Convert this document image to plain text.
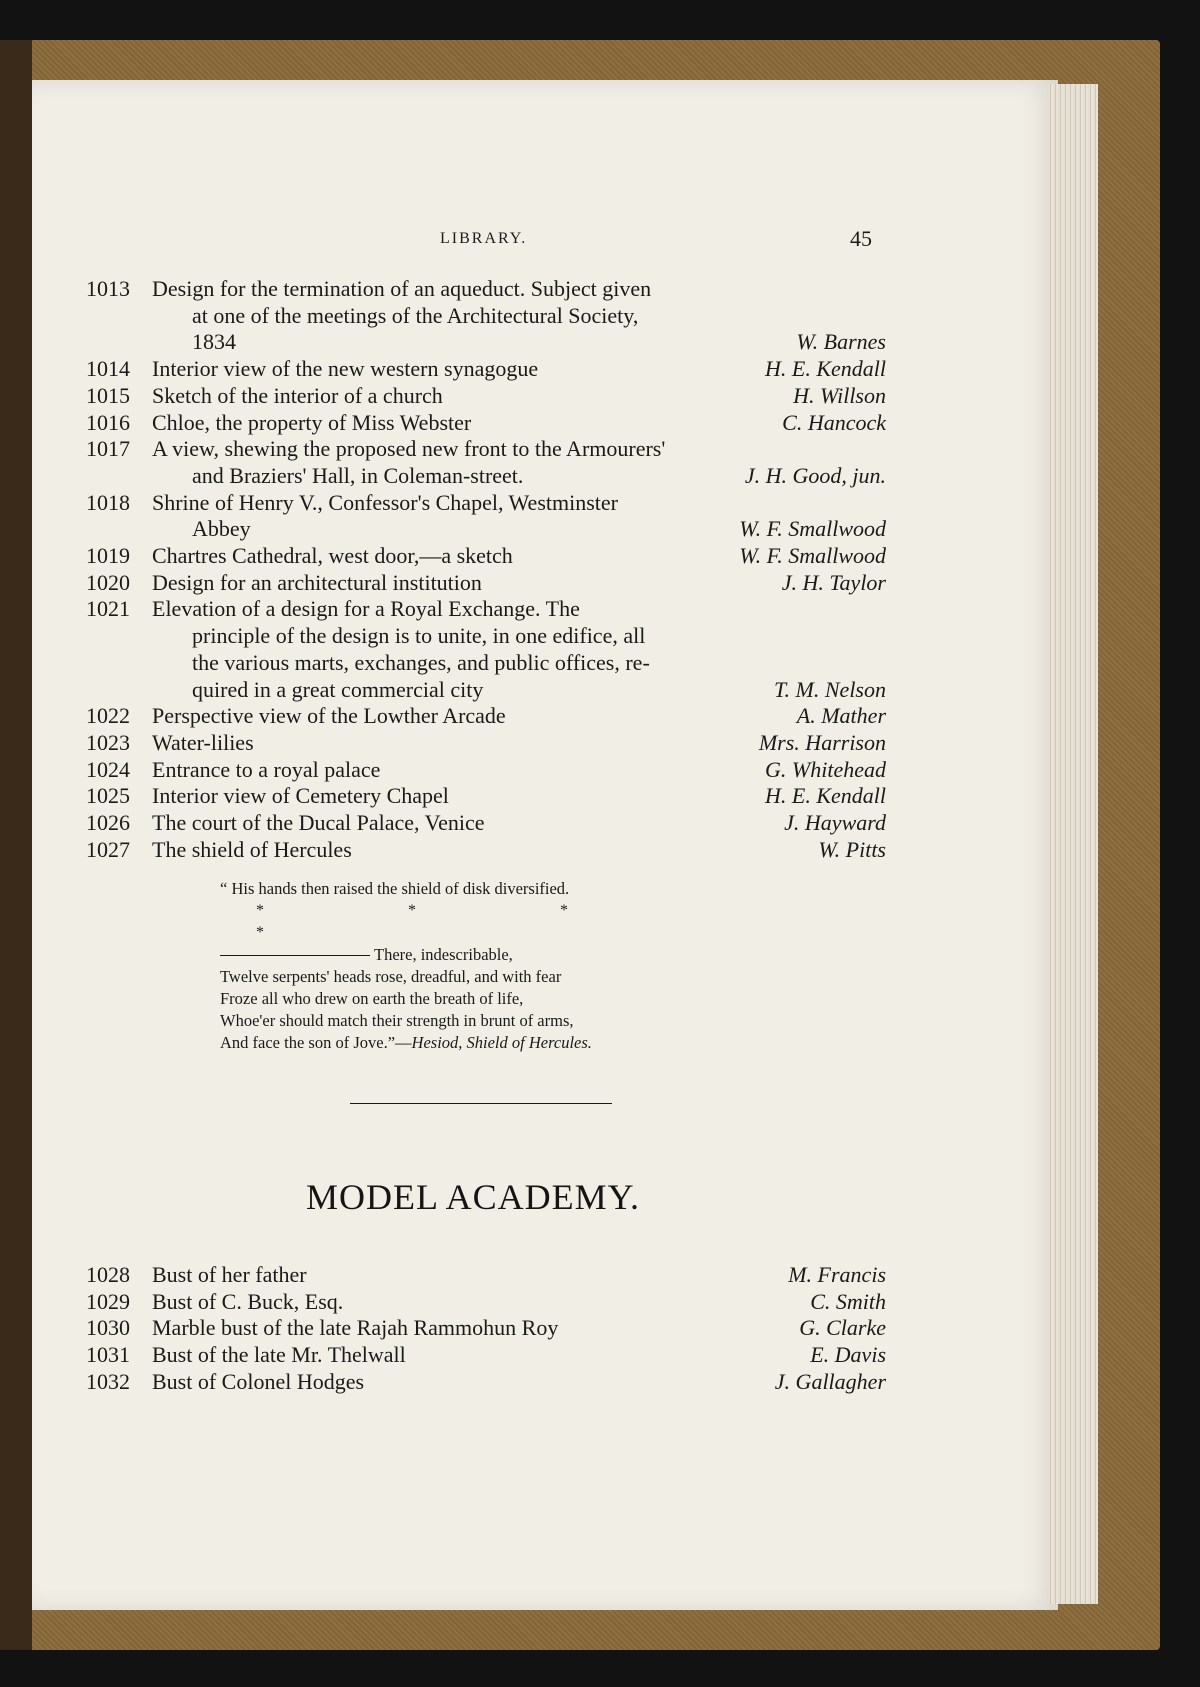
LIBRARY.	45
1013 Design for the termination of an aqueduct. Subject given
at one of the meetings of the Architectural Society,
1834	W. Barnes
1014 Interior view of the new western synagogue	H. E. Kendall
1015 Sketch of the interior of a church	H. Willson
1016 Chloe, the property of Miss Webster	C. Hancock
1017 A view, shewing the proposed new front to the Armourers'
and Braziers' Hall, in Coleman-street.	J. H. Good, jun.
1018 Shrine of Henry V., Confessor's Chapel, Westminster
Abbey	W. F. Smallwood
1019 Chartres Cathedral, west door,—a sketch	W. F. Smallwood
1020 Design for an architectural institution	J. H. Taylor
1021 Elevation of a design for a Royal Exchange. The
principle of the design is to unite, in one edifice, all
the various marts, exchanges, and public offices, re-
quired in a great commercial city	T. M. Nelson
1022 Perspective view of the Lowther Arcade	A. Mather
1023 Water-lilies	Mrs. Harrison
1024 Entrance to a royal palace	G. Whitehead
1025 Interior view of Cemetery Chapel	H. E. Kendall
1026 The court of the Ducal Palace, Venice	J. Hayward
1027 The shield of Hercules	W. Pitts
“ His hands then raised the shield of disk diversified.
* * * *
There, indescribable,
Twelve serpents' heads rose, dreadful, and with fear
Froze all who drew on earth the breath of life,
Whoe'er should match their strength in brunt of arms,
And face the son of Jove.”—Hesiod, Shield of Hercules.
MODEL ACADEMY.
1028 Bust of her father	M. Francis
1029 Bust of C. Buck, Esq.	C. Smith
1030 Marble bust of the late Rajah Rammohun Roy	G. Clarke
1031 Bust of the late Mr. Thelwall	E. Davis
1032 Bust of Colonel Hodges	J. Gallagher
